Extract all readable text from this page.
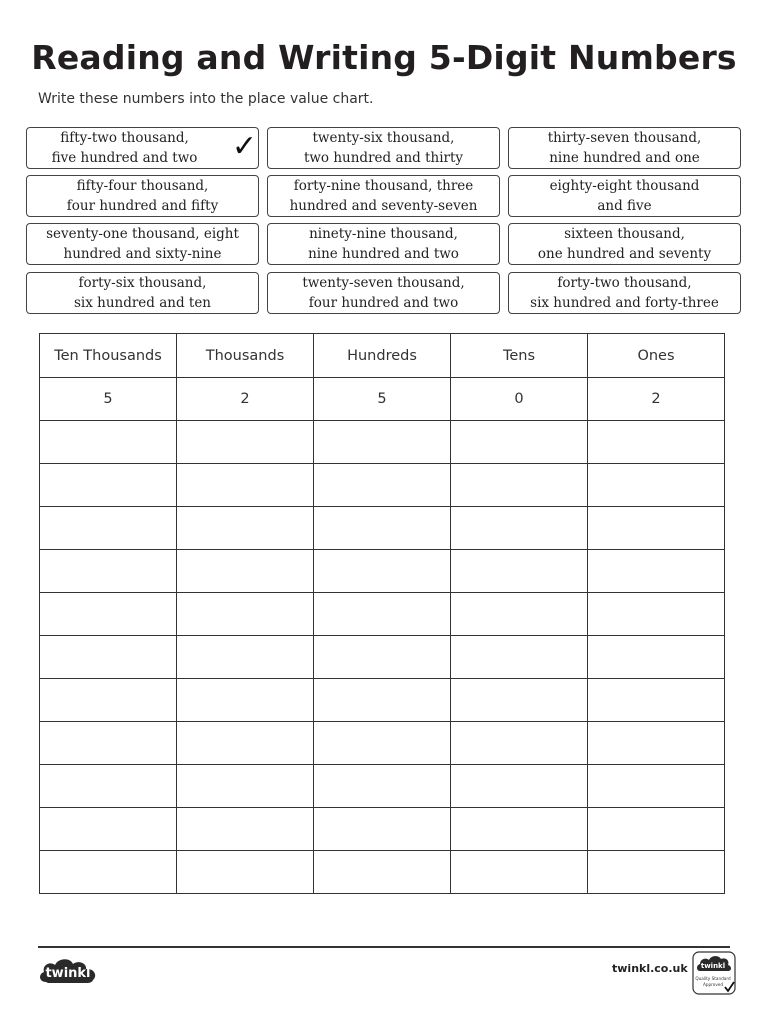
Reading and Writing 5-Digit Numbers
Write these numbers into the place value chart.
fifty-two thousand,
five hundred and two ✓	twenty-six thousand,
two hundred and thirty
thirty-seven thousand,
nine hundred and one
fifty-four thousand,
four hundred and fifty
forty-nine thousand, three
hundred and seventy-seven
eighty-eight thousand
and five
seventy-one thousand, eight
hundred and sixty-nine
ninety-nine thousand,
nine hundred and two
sixteen thousand,
one hundred and seventy
forty-six thousand,
six hundred and ten
twenty-seven thousand,
four hundred and two
forty-two thousand,
six hundred and forty-three
Ten Thousands	Thousands	Hundreds	Tens	Ones
5	2	5	0	2

twinkl	twinkl.co.uk twinkl
Quality Standard
Approved
